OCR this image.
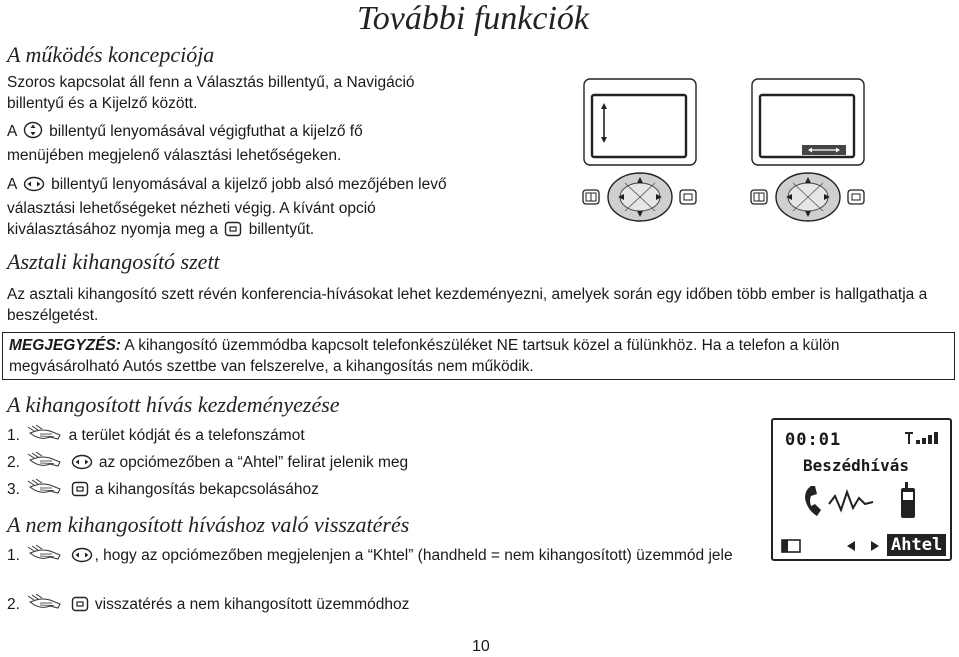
További funkciók
A működés koncepciója
Szoros kapcsolat áll fenn a Választás billentyű, a Navigáció billentyű és a Kijelző között.
A billentyű lenyomásával végigfuthat a kijelző fő menüjében megjelenő választási lehetőségeken.
A billentyű lenyomásával a kijelző jobb alsó mezőjében levő választási lehetőségeket nézheti végig. A kívánt opció kiválasztásához nyomja meg a billentyűt.
Asztali kihangosító szett
Az asztali kihangosító szett révén konferencia-hívásokat lehet kezdeményezni, amelyek során egy időben több ember is hallgathatja a beszélgetést.
MEGJEGYZÉS: A kihangosító üzemmódba kapcsolt telefonkészüléket NE tartsuk közel a fülünkhöz. Ha a telefon a külön megvásárolható Autós szettbe van felszerelve, a kihangosítás nem működik.
A kihangosított hívás kezdeményezése
1.	a terület kódját és a telefonszámot
2.	az opciómezőben a “Ahtel” felirat jelenik meg
3.	a kihangosítás bekapcsolásához
A nem kihangosított híváshoz való visszatérés
1.	, hogy az opciómezőben megjelenjen a “Khtel” (handheld = nem kihangosított) üzemmód jele
2.	visszatérés a nem kihangosított üzemmódhoz
00:01
Beszédhívás
Ahtel
10
